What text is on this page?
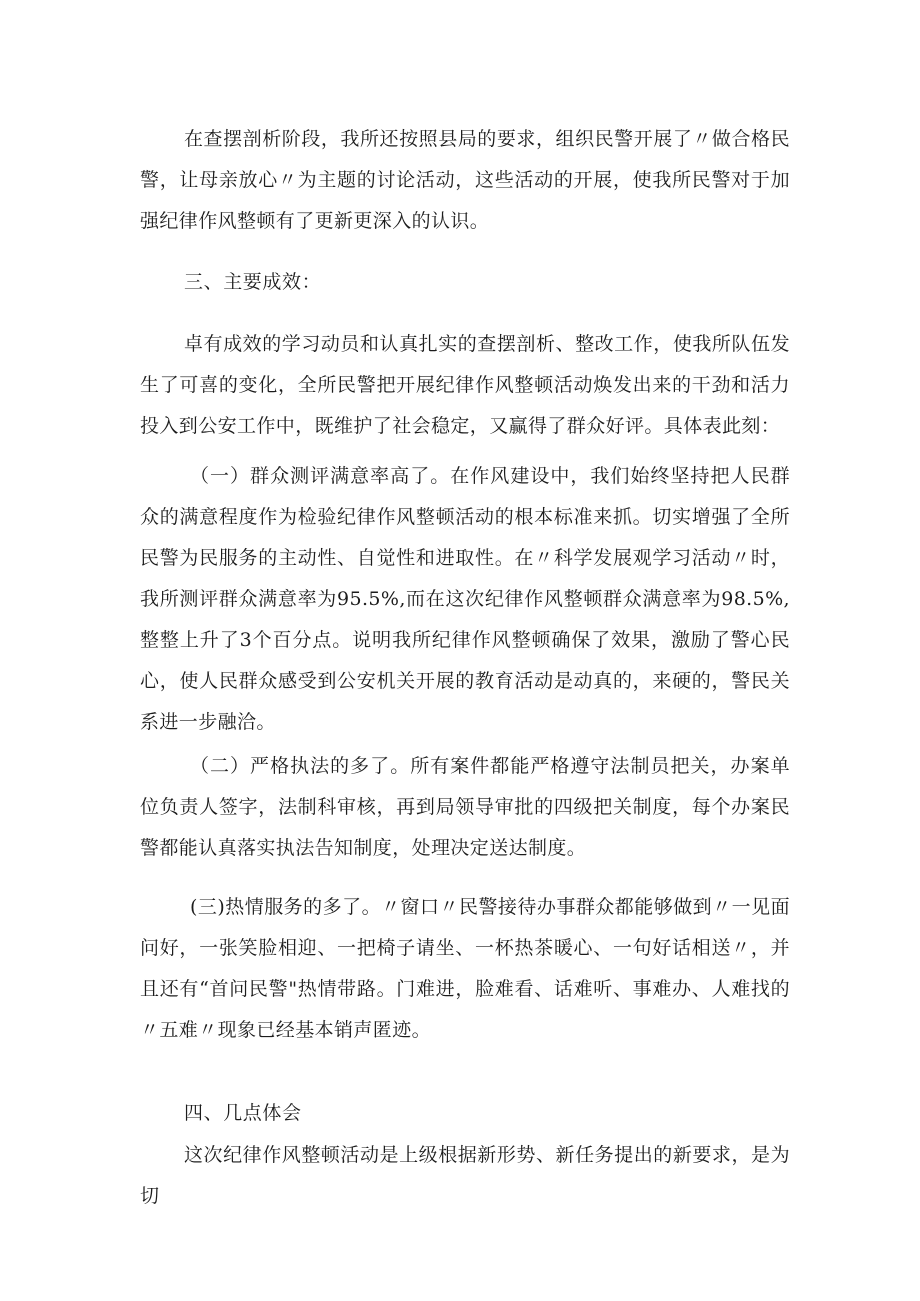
在查摆剖析阶段，我所还按照县局的要求，组织民警开展了〃做合格民警，让母亲放心〃为主题的讨论活动，这些活动的开展，使我所民警对于加强纪律作风整顿有了更新更深入的认识。

三、主要成效：

卓有成效的学习动员和认真扎实的查摆剖析、整改工作，使我所队伍发生了可喜的变化，全所民警把开展纪律作风整顿活动焕发出来的干劲和活力投入到公安工作中，既维护了社会稳定，又赢得了群众好评。具体表此刻：

（一）群众测评满意率高了。在作风建设中，我们始终坚持把人民群众的满意程度作为检验纪律作风整顿活动的根本标准来抓。切实增强了全所民警为民服务的主动性、自觉性和进取性。在〃科学发展观学习活动〃时，我所测评群众满意率为95.5%,而在这次纪律作风整顿群众满意率为98.5%,整整上升了3个百分点。说明我所纪律作风整顿确保了效果，激励了警心民心，使人民群众感受到公安机关开展的教育活动是动真的，来硬的，警民关系进一步融洽。

（二）严格执法的多了。所有案件都能严格遵守法制员把关，办案单位负责人签字，法制科审核，再到局领导审批的四级把关制度，每个办案民警都能认真落实执法告知制度，处理决定送达制度。

(三)热情服务的多了。〃窗口〃民警接待办事群众都能够做到〃一见面问好，一张笑脸相迎、一把椅子请坐、一杯热茶暖心、一句好话相送〃，并且还有“首问民警"热情带路。门难进，脸难看、话难听、事难办、人难找的〃五难〃现象已经基本销声匿迹。

四、几点体会

这次纪律作风整顿活动是上级根据新形势、新任务提出的新要求，是为切
